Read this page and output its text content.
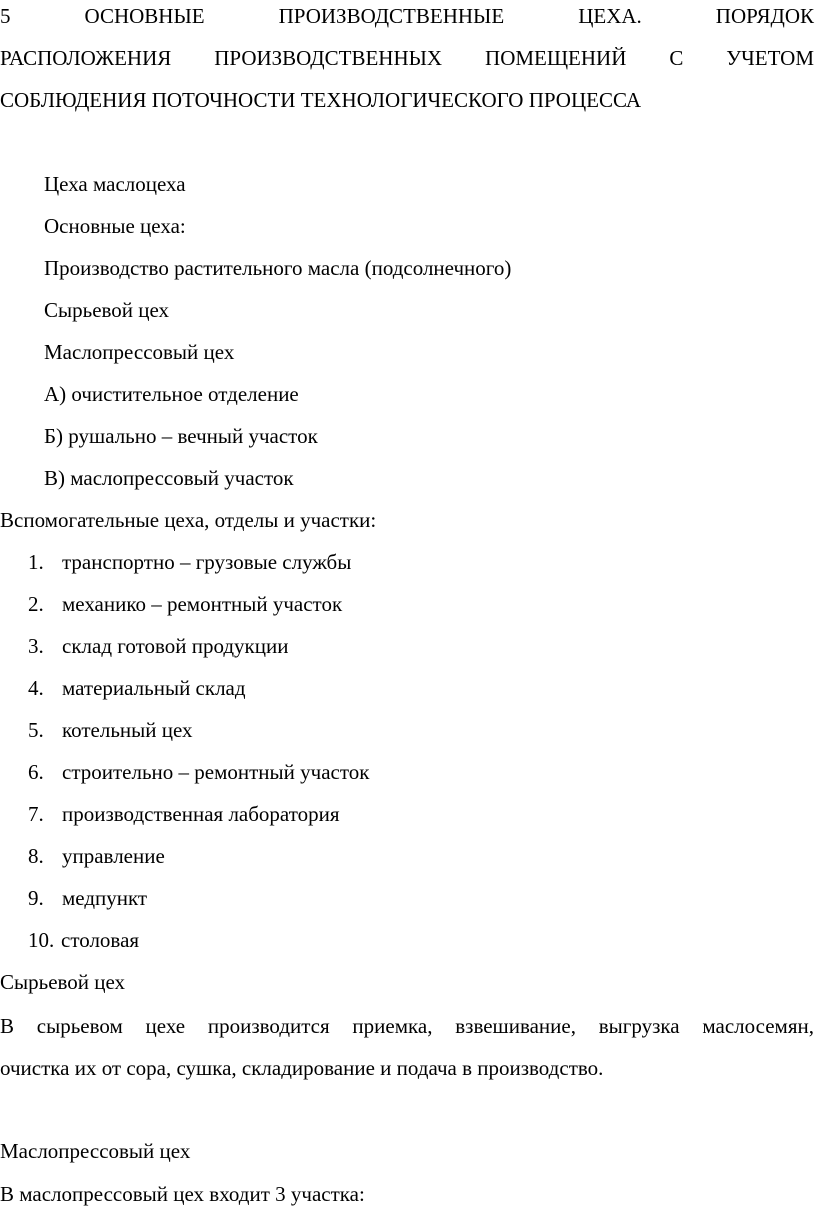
5 ОСНОВНЫЕ ПРОИЗВОДСТВЕННЫЕ ЦЕХА. ПОРЯДОК
РАСПОЛОЖЕНИЯ ПРОИЗВОДСТВЕННЫХ ПОМЕЩЕНИЙ С УЧЕТОМ
СОБЛЮДЕНИЯ ПОТОЧНОСТИ ТЕХНОЛОГИЧЕСКОГО ПРОЦЕССА
Цеха маслоцеха
Основные цеха:
Производство растительного масла (подсолнечного)
Сырьевой цех
Маслопрессовый цех
А) очистительное отделение
Б) рушально – вечный участок
В) маслопрессовый участок
Вспомогательные цеха, отделы и участки:
1. транспортно – грузовые службы
2. механико – ремонтный участок
3. склад готовой продукции
4. материальный склад
5. котельный цех
6. строительно – ремонтный участок
7. производственная лаборатория
8. управление
9. медпункт
10. столовая
Сырьевой цех
В сырьевом цехе производится приемка, взвешивание, выгрузка маслосемян,
очистка их от сора, сушка, складирование и подача в производство.
Маслопрессовый цех
В маслопрессовый цех входит 3 участка:
